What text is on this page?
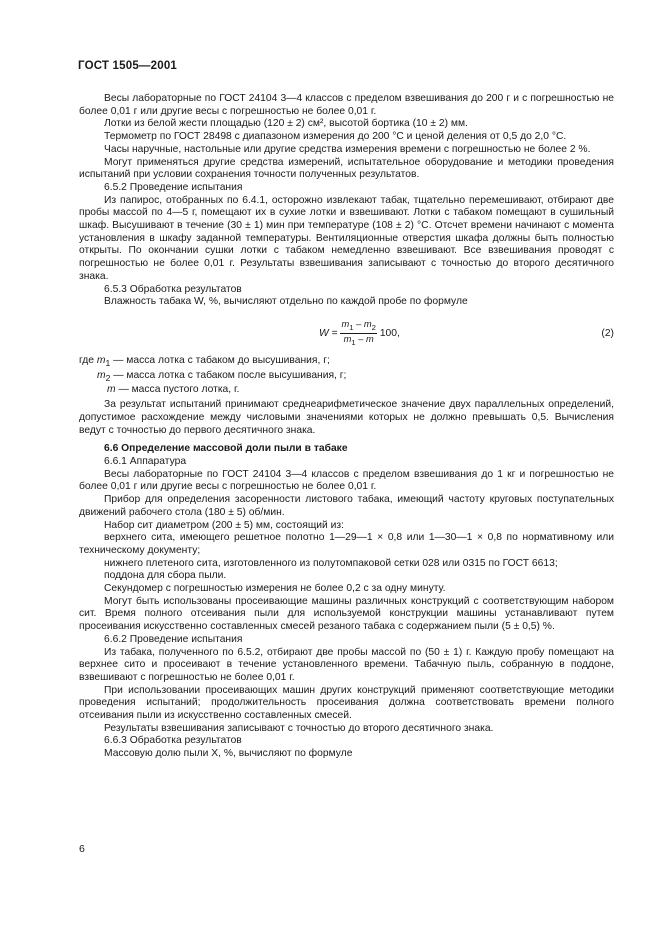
ГОСТ 1505—2001

Весы лабораторные по ГОСТ 24104 3—4 классов с пределом взвешивания до 200 г и с погрешностью не более 0,01 г или другие весы с погрешностью не более 0,01 г.

Лотки из белой жести площадью (120 ± 2) см², высотой бортика (10 ± 2) мм.

Термометр по ГОСТ 28498 с диапазоном измерения до 200 °С и ценой деления от 0,5 до 2,0 °С.

Часы наручные, настольные или другие средства измерения времени с погрешностью не более 2 %.

Могут применяться другие средства измерений, испытательное оборудование и методики проведения испытаний при условии сохранения точности полученных результатов.

6.5.2 Проведение испытания

Из папирос, отобранных по 6.4.1, осторожно извлекают табак, тщательно перемешивают, отбирают две пробы массой по 4—5 г, помещают их в сухие лотки и взвешивают. Лотки с табаком помещают в сушильный шкаф. Высушивают в течение (30 ± 1) мин при температуре (108 ± 2) °С. Отсчет времени начинают с момента установления в шкафу заданной температуры. Вентиляционные отверстия шкафа должны быть полностью открыты. По окончании сушки лотки с табаком немедленно взвешивают. Все взвешивания проводят с погрешностью не более 0,01 г. Результаты взвешивания записывают с точностью до второго десятичного знака.

6.5.3 Обработка результатов

Влажность табака W, %, вычисляют отдельно по каждой пробе по формуле

$W = \frac{m_1 - m_2}{m_1 - m} 100$,	(2)

где $m_1$ — масса лотка с табаком до высушивания, г;

$m_2$ — масса лотка с табаком после высушивания, г;

m — масса пустого лотка, г.

За результат испытаний принимают среднеарифметическое значение двух параллельных определений, допустимое расхождение между числовыми значениями которых не должно превышать 0,5. Вычисления ведут с точностью до первого десятичного знака.

6.6 Определение массовой доли пыли в табаке

6.6.1 Аппаратура

Весы лабораторные по ГОСТ 24104 3—4 классов с пределом взвешивания до 1 кг и погрешностью не более 0,01 г или другие весы с погрешностью не более 0,01 г.

Прибор для определения засоренности листового табака, имеющий частоту круговых поступательных движений рабочего стола (180 ± 5) об/мин.

Набор сит диаметром (200 ± 5) мм, состоящий из:

верхнего сита, имеющего решетное полотно 1—29—1 × 0,8 или 1—30—1 × 0,8 по нормативному или техническому документу;

нижнего плетеного сита, изготовленного из полутомпаковой сетки 028 или 0315 по ГОСТ 6613;

поддона для сбора пыли.

Секундомер с погрешностью измерения не более 0,2 с за одну минуту.

Могут быть использованы просеивающие машины различных конструкций с соответствующим набором сит. Время полного отсеивания пыли для используемой конструкции машины устанавливают путем просеивания искусственно составленных смесей резаного табака с содержанием пыли (5 ± 0,5) %.

6.6.2 Проведение испытания

Из табака, полученного по 6.5.2, отбирают две пробы массой по (50 ± 1) г. Каждую пробу помещают на верхнее сито и просеивают в течение установленного времени. Табачную пыль, собранную в поддоне, взвешивают с погрешностью не более 0,01 г.

При использовании просеивающих машин других конструкций применяют соответствующие методики проведения испытаний; продолжительность просеивания должна соответствовать времени полного отсеивания пыли из искусственно составленных смесей.

Результаты взвешивания записывают с точностью до второго десятичного знака.

6.6.3 Обработка результатов

Массовую долю пыли X, %, вычисляют по формуле

6
